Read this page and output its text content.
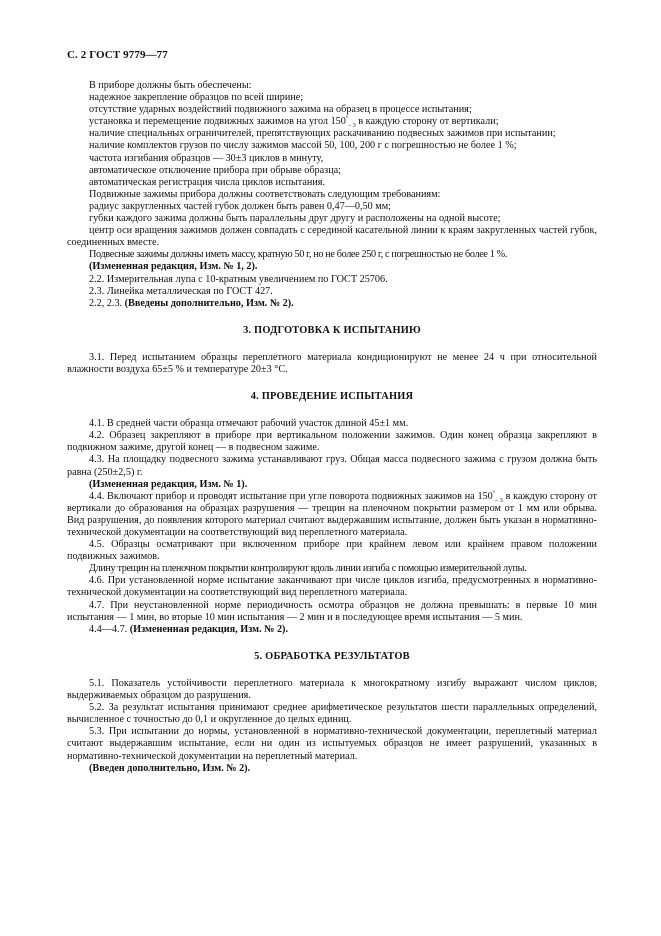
С. 2 ГОСТ 9779—77

В приборе должны быть обеспечены:

надежное закрепление образцов по всей ширине;

отсутствие ударных воздействий подвижного зажима на образец в процессе испытания;

установка и перемещение подвижных зажимов на угол $150^\circ_{- 3}$ в каждую сторону от вертикали;

наличие специальных ограничителей, препятствующих раскачиванию подвесных зажимов при испытании;

наличие комплектов грузов по числу зажимов массой 50, 100, 200 г с погрешностью не более 1 %;

частота изгибания образцов — 30±3 циклов в минуту,

автоматическое отключение прибора при обрыве образца;

автоматическая регистрация числа циклов испытания.

Подвижные зажимы прибора должны соответствовать следующим требованиям:

радиус закругленных частей губок должен быть равен 0,47—0,50 мм;

губки каждого зажима должны быть параллельны друг другу и расположены на одной высоте;

центр оси вращения зажимов должен совпадать с серединой касательной линии к краям закругленных частей губок, соединенных вместе.

Подвесные зажимы должны иметь массу, кратную 50 г, но не более 250 г, с погрешностью не более 1 %.

(Измененная редакция, Изм. № 1, 2).

2.2. Измерительная лупа с 10-кратным увеличением по ГОСТ 25706.

2.3. Линейка металлическая по ГОСТ 427.

2.2, 2.3. (Введены дополнительно, Изм. № 2).

3. ПОДГОТОВКА К ИСПЫТАНИЮ

3.1. Перед испытанием образцы переплетного материала кондиционируют не менее 24 ч при относительной влажности воздуха 65±5 % и температуре 20±3 °С.

4. ПРОВЕДЕНИЕ ИСПЫТАНИЯ

4.1. В средней части образца отмечают рабочий участок длиной 45±1 мм.

4.2. Образец закрепляют в приборе при вертикальном положении зажимов. Один конец образца закрепляют в подвижном зажиме, другой конец — в подвесном зажиме.

4.3. На площадку подвесного зажима устанавливают груз. Общая масса подвесного зажима с грузом должна быть равна (250±2,5) г.

(Измененная редакция, Изм. № 1).

4.4. Включают прибор и проводят испытание при угле поворота подвижных зажимов на $150^\circ_{- 3}$ в каждую сторону от вертикали до образования на образцах разрушения — трещин на пленочном покрытии размером от 1 мм или обрыва. Вид разрушения, до появления которого материал считают выдержавшим испытание, должен быть указан в нормативно-технической документации на соответствующий вид переплетного материала.

4.5. Образцы осматривают при включенном приборе при крайнем левом или крайнем правом положении подвижных зажимов.

Длину трещин на пленочном покрытии контролируют вдоль линии изгиба с помощью измерительной лупы.

4.6. При установленной норме испытание заканчивают при числе циклов изгиба, предусмотренных в нормативно-технической документации на соответствующий вид переплетного материала.

4.7. При неустановленной норме периодичность осмотра образцов не должна превышать: в первые 10 мин испытания — 1 мин, во вторые 10 мин испытания — 2 мин и в последующее время испытания — 5 мин.

4.4—4.7. (Измененная редакция, Изм. № 2).

5. ОБРАБОТКА РЕЗУЛЬТАТОВ

5.1. Показатель устойчивости переплетного материала к многократному изгибу выражают числом циклов, выдерживаемых образцом до разрушения.

5.2. За результат испытания принимают среднее арифметическое результатов шести параллельных определений, вычисленное с точностью до 0,1 и округленное до целых единиц.

5.3. При испытании до нормы, установленной в нормативно-технической документации, переплетный материал считают выдержавшим испытание, если ни один из испытуемых образцов не имеет разрушений, указанных в нормативно-технической документации на переплетный материал.

(Введен дополнительно, Изм. № 2).
